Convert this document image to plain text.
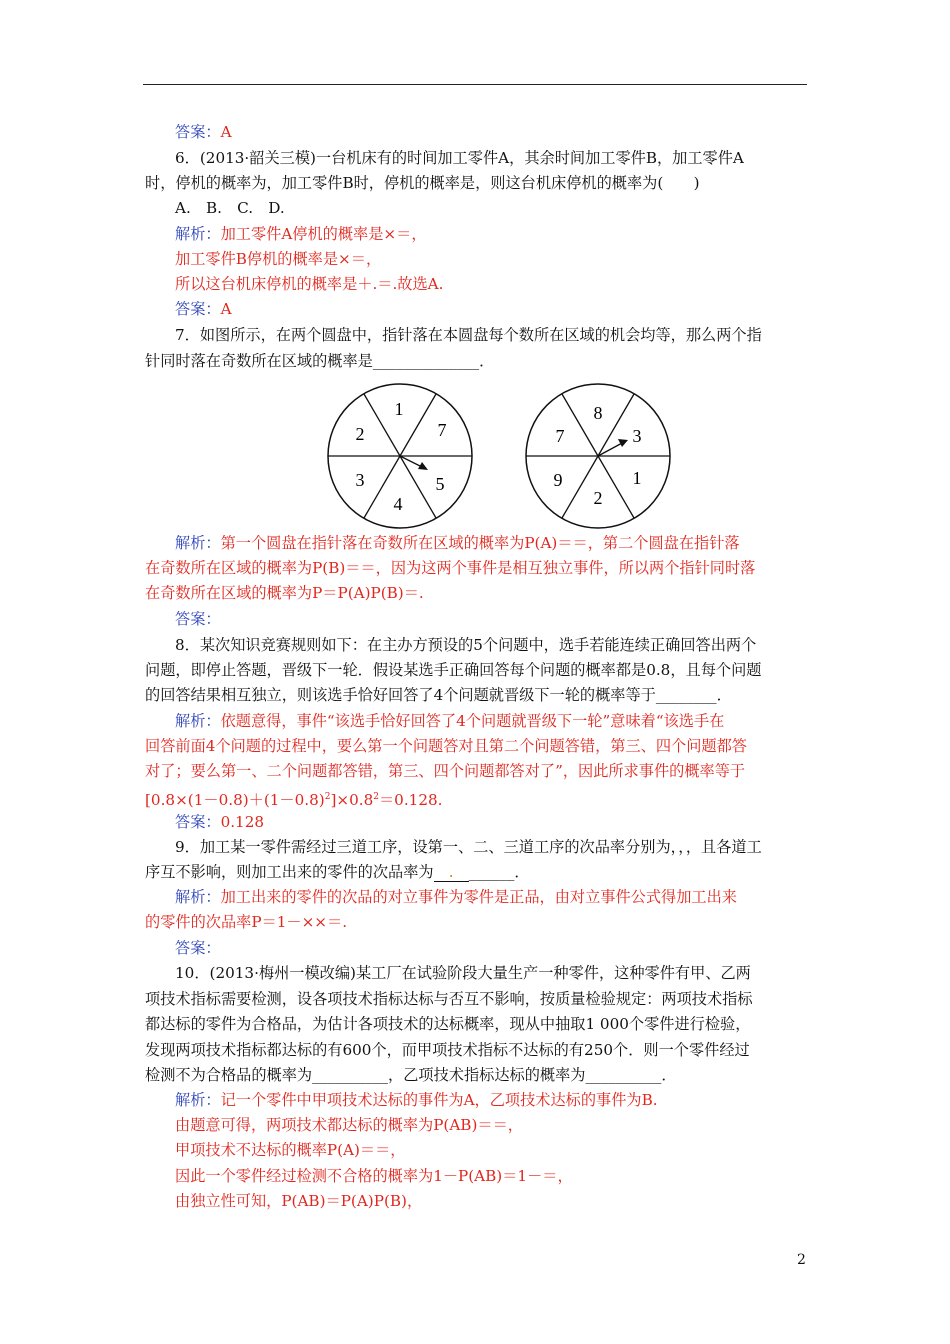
答案：A
6．(2013·韶关三模)一台机床有的时间加工零件A，其余时间加工零件B，加工零件A
时，停机的概率为，加工零件B时，停机的概率是，则这台机床停机的概率为(　　)
A.　B.　C.　D.
解析：加工零件A停机的概率是×＝，
加工零件B停机的概率是×＝，
所以这台机床停机的概率是＋.＝.故选A.
答案：A
7．如图所示，在两个圆盘中，指针落在本圆盘每个数所在区域的机会均等，那么两个指
针同时落在奇数所在区域的概率是______________．
1
7
2
3	5
4
8
7	3
9	1
2
解析：第一个圆盘在指针落在奇数所在区域的概率为P(A)＝＝，第二个圆盘在指针落
在奇数所在区域的概率为P(B)＝＝，因为这两个事件是相互独立事件，所以两个指针同时落
在奇数所在区域的概率为P＝P(A)P(B)＝.
答案：
8．某次知识竞赛规则如下：在主办方预设的5个问题中，选手若能连续正确回答出两个
问题，即停止答题，晋级下一轮．假设某选手正确回答每个问题的概率都是0.8，且每个问题
的回答结果相互独立，则该选手恰好回答了4个问题就晋级下一轮的概率等于________．
解析：依题意得，事件“该选手恰好回答了4个问题就晋级下一轮”意味着“该选手在
回答前面4个问题的过程中，要么第一个问题答对且第二个问题答错，第三、四个问题都答
对了；要么第一、二个问题都答错，第三、四个问题都答对了”，因此所求事件的概率等于
$[0.8\times(1-0.8)+(1-0.8)^2]\times 0.8^2=0.128$.
答案：0.128
9．加工某一零件需经过三道工序，设第一、二、三道工序的次品率分别为，，，且各道工
序互不影响，则加工出来的零件的次品率为　.　______．
解析：加工出来的零件的次品的对立事件为零件是正品，由对立事件公式得加工出来
的零件的次品率P＝1－××＝.
答案：
10．(2013·梅州一模改编)某工厂在试验阶段大量生产一种零件，这种零件有甲、乙两
项技术指标需要检测，设各项技术指标达标与否互不影响，按质量检验规定：两项技术指标
都达标的零件为合格品，为估计各项技术的达标概率，现从中抽取1 000个零件进行检验，
发现两项技术指标都达标的有600个，而甲项技术指标不达标的有250个．则一个零件经过
检测不为合格品的概率为__________，乙项技术指标达标的概率为__________．
解析：记一个零件中甲项技术达标的事件为A，乙项技术达标的事件为B.
由题意可得，两项技术都达标的概率为P(AB)＝＝，
甲项技术不达标的概率P(A)＝＝，
因此一个零件经过检测不合格的概率为1－P(AB)＝1－＝，
由独立性可知，P(AB)＝P(A)P(B)，
2
